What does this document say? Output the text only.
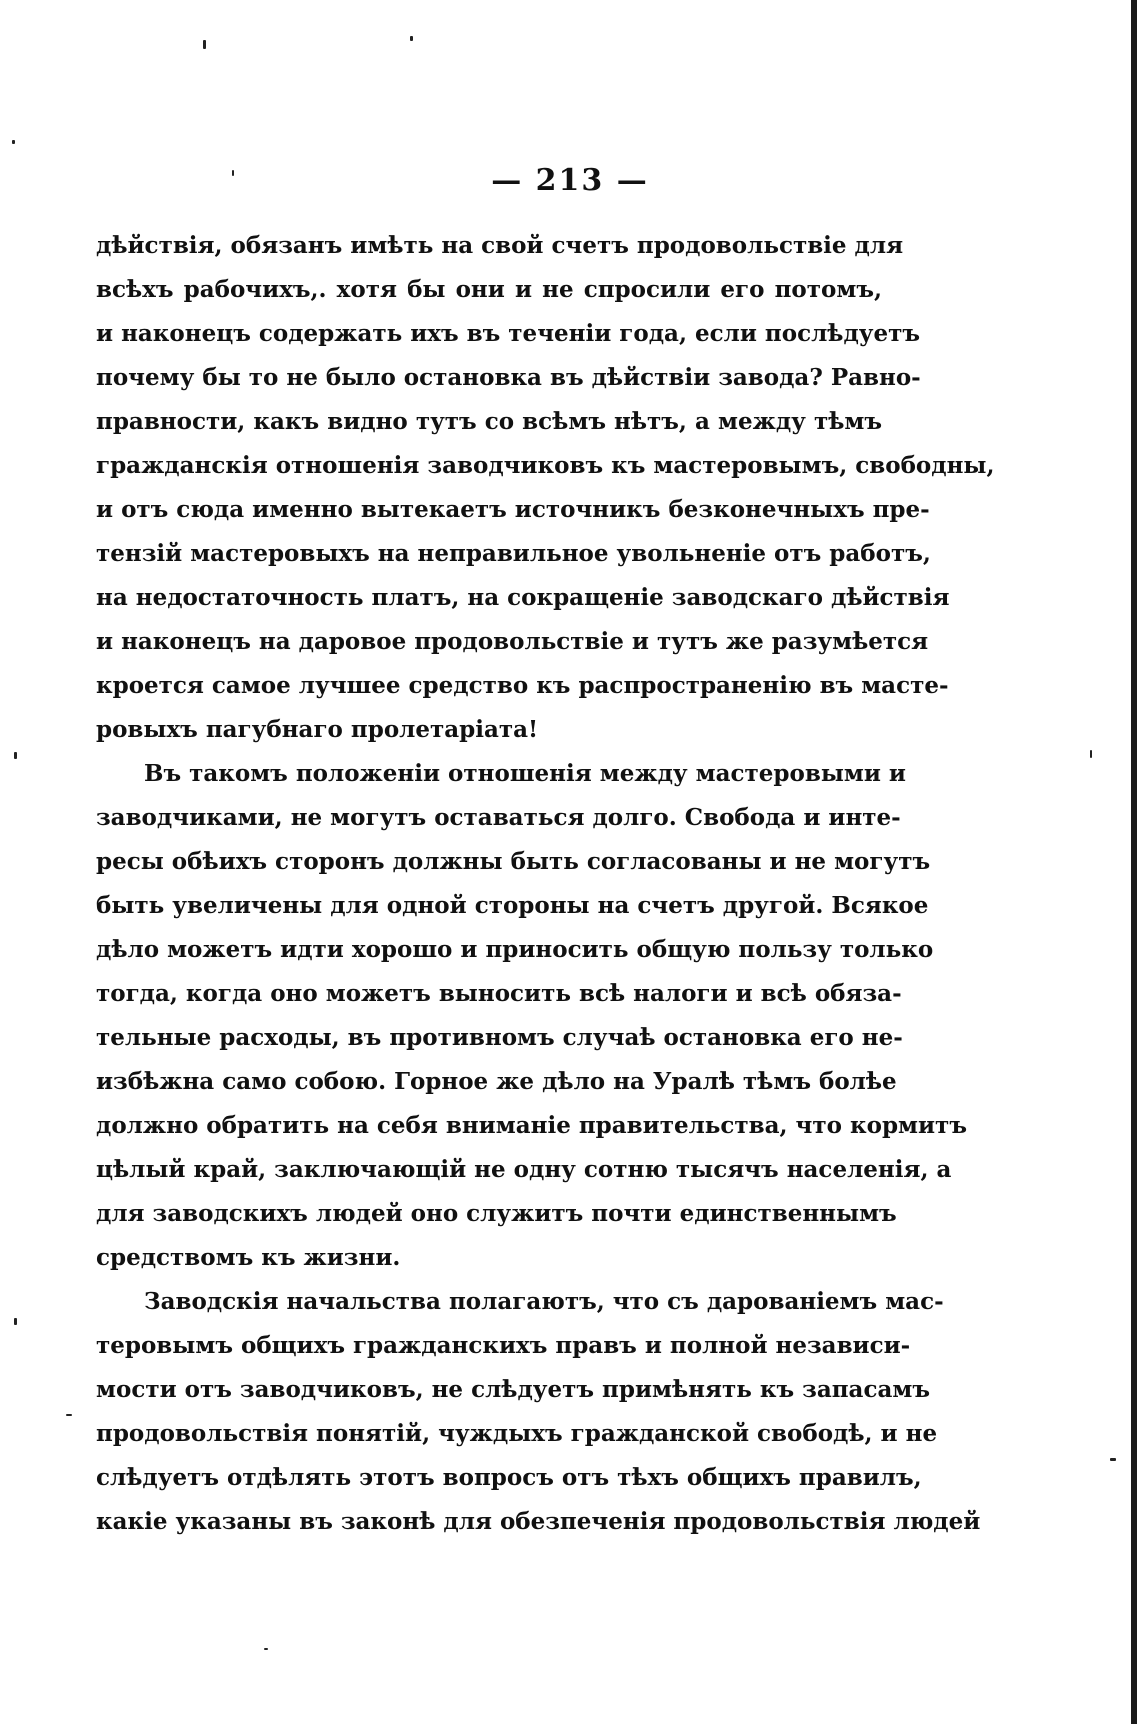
— 213 —
дѣйствія, обязанъ имѣть на свой счетъ продовольствіе для
всѣхъ рабочихъ,. хотя бы они и не спросили его потомъ,
и наконецъ содержать ихъ въ теченіи года, если послѣдуетъ
почему бы то не было остановка въ дѣйствіи завода? Равно-
правности, какъ видно тутъ со всѣмъ нѣтъ, а между тѣмъ
гражданскія отношенія заводчиковъ къ мастеровымъ, свободны,
и отъ сюда именно вытекаетъ источникъ безконечныхъ пре-
тензій мастеровыхъ на неправильное увольненіе отъ работъ,
на недостаточность платъ, на сокращеніе заводскаго дѣйствія
и наконецъ на даровое продовольствіе и тутъ же разумѣется
кроется самое лучшее средство къ распространенію въ масте-
ровыхъ пагубнаго пролетаріата!
Въ такомъ положеніи отношенія между мастеровыми и
заводчиками, не могутъ оставаться долго. Свобода и инте-
ресы обѣихъ сторонъ должны быть согласованы и не могутъ
быть увеличены для одной стороны на счетъ другой. Всякое
дѣло можетъ идти хорошо и приносить общую пользу только
тогда, когда оно можетъ выносить всѣ налоги и всѣ обяза-
тельные расходы, въ противномъ случаѣ остановка его не-
избѣжна само собою. Горное же дѣло на Уралѣ тѣмъ болѣе
должно обратить на себя вниманіе правительства, что кормитъ
цѣлый край, заключающій не одну сотню тысячъ населенія, а
для заводскихъ людей оно служитъ почти единственнымъ
средствомъ къ жизни.
Заводскія начальства полагаютъ, что съ дарованіемъ мас-
теровымъ общихъ гражданскихъ правъ и полной независи-
мости отъ заводчиковъ, не слѣдуетъ примѣнять къ запасамъ
продовольствія понятій, чуждыхъ гражданской свободѣ, и не
слѣдуетъ отдѣлять этотъ вопросъ отъ тѣхъ общихъ правилъ,
какіе указаны въ законѣ для обезпеченія продовольствія людей
